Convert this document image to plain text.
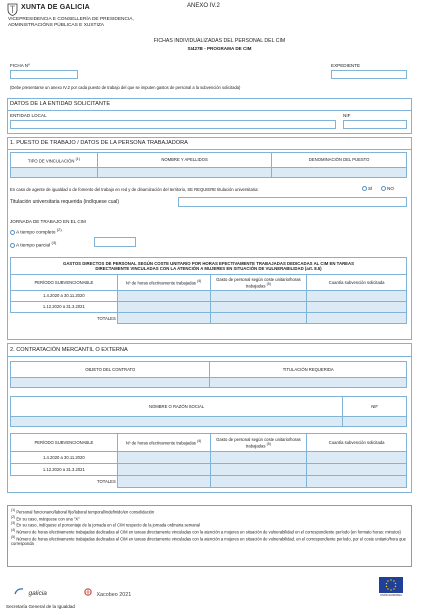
ANEXO IV.2
XUNTA DE GALICIA
VICEPRESIDENCIA E CONSELLERÍA DE PRESIDENCIA,
ADMINISTRACIÓNS PÚBLICAS E XUSTIZA
FICHAS INDIVIDUALIZADAS DEL PERSONAL DEL CIM
SI427B - PROGRAMA DE CIM
FICHA Nº	EXPEDIENTE
(Debe presentarse un anexo IV.2 por cada puesto de trabajo del que se imputen gastos de personal a la subvención solicitada)
DATOS DE LA ENTIDAD SOLICITANTE
ENTIDAD LOCAL	NIF
1. PUESTO DE TRABAJO / DATOS DE LA PERSONA TRABAJADORA
TIPO DE VINCULACIÓN $^{(1)}$	NOMBRE Y APELLIDOS	DENOMINACIÓN DEL PUESTO

En caso de agente de igualdad o de fomento del trabajo en red y de dinamización del territorio, SE REQUIERE titulación universitaria:	SÍ	NO
Titulación universitaria requerida (indíquese cual)
JORNADA DE TRABAJO EN EL CIM
A tiempo completo $^{(2)}$
A tiempo parcial $^{(3)}$
GASTOS DIRECTOS DE PERSONAL SEGÚN COSTE UNITARIO POR HORAS EFECTIVAMENTE TRABAJADAS DEDICADAS AL CIM EN TAREAS
DIRECTAMENTE VINCULADAS CON LA ATENCIÓN A MUJERES EN SITUACIÓN DE VULNERABILIDAD (art. 8.5)			

PERÍODO SUBVENCIONABLE	Nº de horas efectivamente trabajadas $^{(4)}$	Gasto de personal según coste unitario/horas trabajadas $^{(5)}$	Cuantía subvención solicitada
1.4.2020 a 30.11.2020			
1.12.2020 a 31.3.2021			
TOTALES			
2. CONTRATACIÓN MERCANTIL O EXTERNA
OBJETO DEL CONTRATO	TITULACIÓN REQUERIDA

NOMBRE O RAZÓN SOCIAL	NIF

PERÍODO SUBVENCIONABLE	Nº de horas efectivamente trabajadas $^{(4)}$	Gasto de personal según coste unitario/horas trabajadas $^{(5)}$	Cuantía subvención solicitada
1.4.2020 a 30.11.2020			
1.12.2020 a 31.3.2021			
TOTALES			
$^{(1)}$ Personal funcionario/laboral fijo/laboral temporal/indefinido/en consolidación
$^{(2)}$ En su caso, márquese con una "X"
$^{(3)}$ En su caso, indíquese el porcentaje de la jornada en el CIM respecto de la jornada ordinaria semanal
$^{(4)}$ Número de horas efectivamente trabajadas dedicadas al CIM en tareas directamente vinculadas con la atención a mujeres en situación de vulnerabilidad en el correspondiente período (en formato horas: minutos)
$^{(5)}$ Número de horas efectivamente trabajadas dedicadas al CIM en tareas directamente vinculadas con la atención a mujeres en situación de vulnerabilidad, en el correspondiente período, por el coste unitario/hora que corresponda
galicia	Xacobeo 2021	UNIÓN EUROPEA
Secretaría General de la Igualdad
